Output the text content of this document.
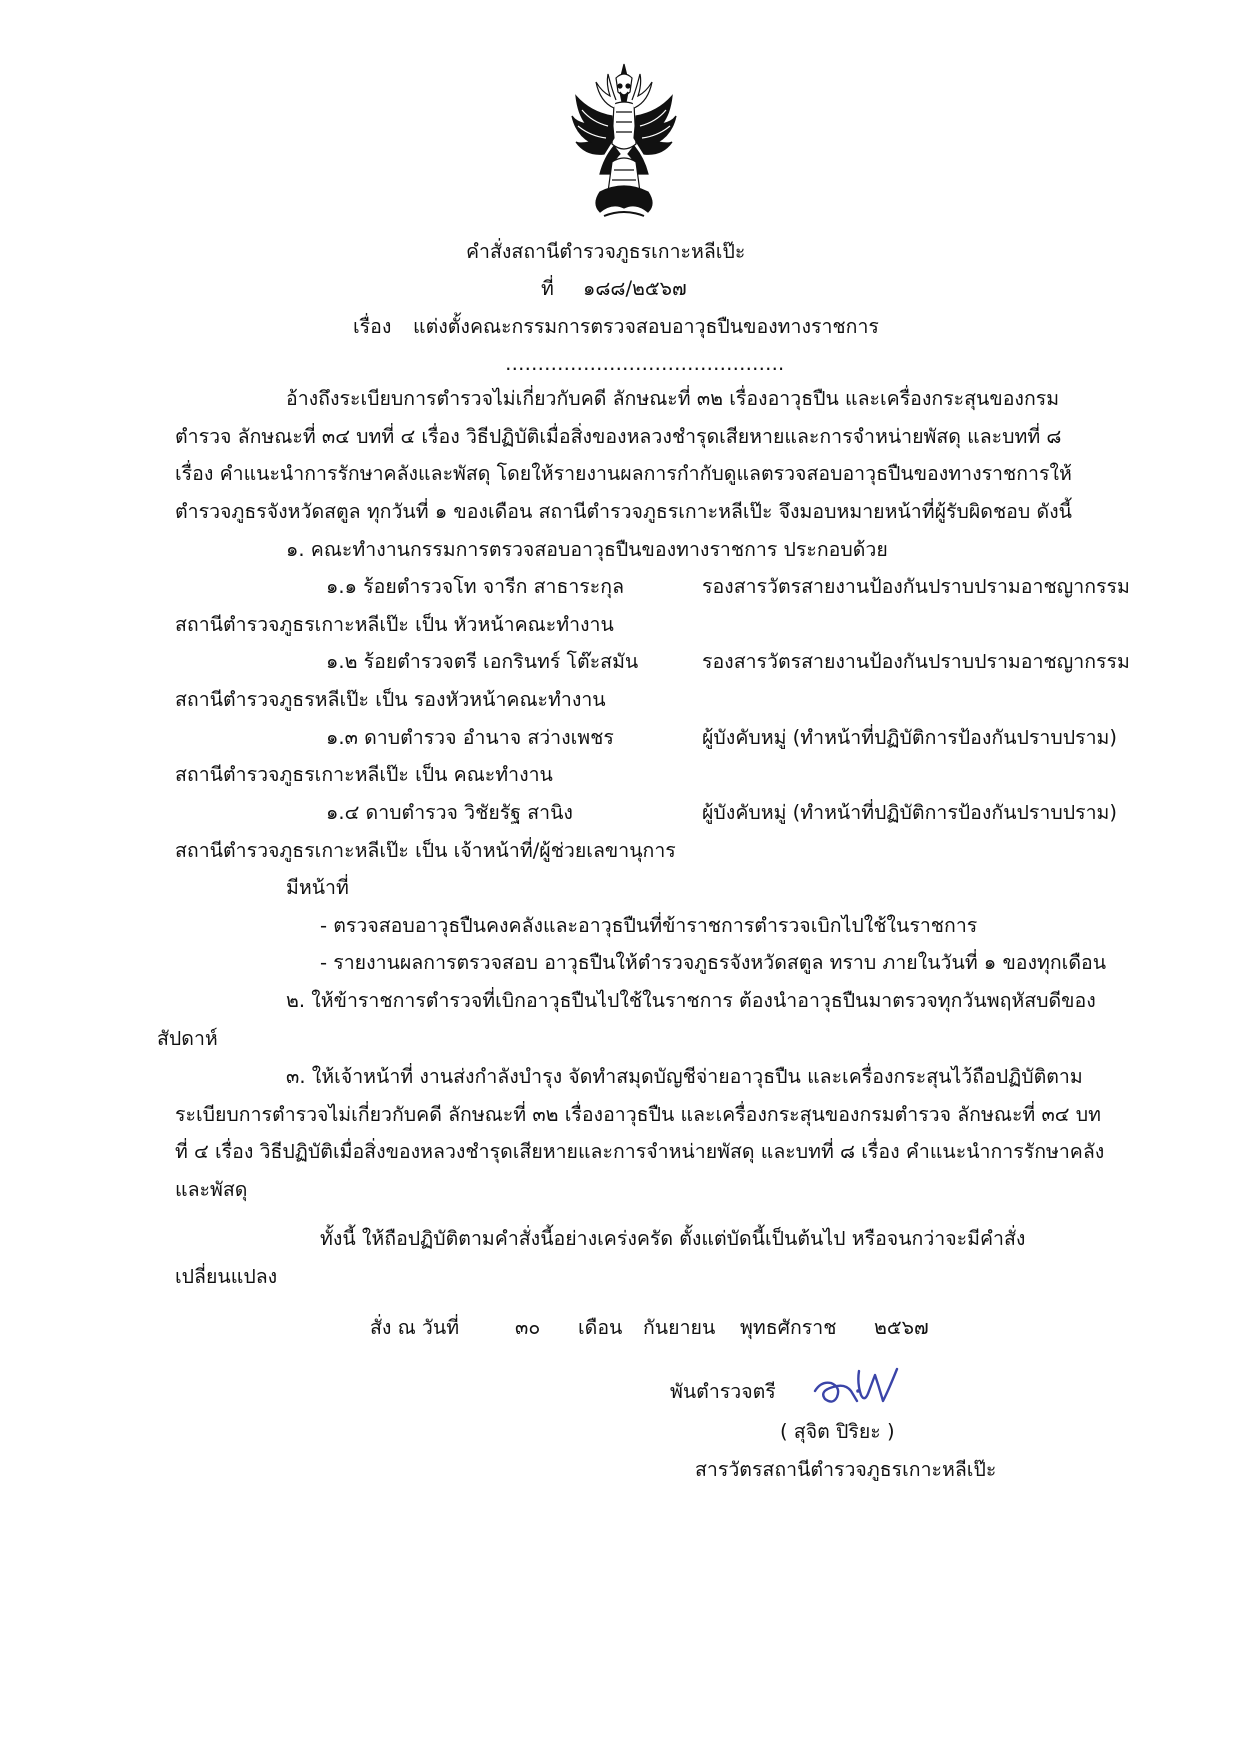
คำสั่งสถานีตำรวจภูธรเกาะหลีเป๊ะ
ที่ ๑๘๘/๒๕๖๗
เรื่อง แต่งตั้งคณะกรรมการตรวจสอบอาวุธปืนของทางราชการ
…………………………………….
อ้างถึงระเบียบการตำรวจไม่เกี่ยวกับคดี ลักษณะที่ ๓๒ เรื่องอาวุธปืน และเครื่องกระสุนของกรม
ตำรวจ ลักษณะที่ ๓๔ บทที่ ๔ เรื่อง วิธีปฏิบัติเมื่อสิ่งของหลวงชำรุดเสียหายและการจำหน่ายพัสดุ และบทที่ ๘
เรื่อง คำแนะนำการรักษาคลังและพัสดุ โดยให้รายงานผลการกำกับดูแลตรวจสอบอาวุธปืนของทางราชการให้
ตำรวจภูธรจังหวัดสตูล ทุกวันที่ ๑ ของเดือน สถานีตำรวจภูธรเกาะหลีเป๊ะ จึงมอบหมายหน้าที่ผู้รับผิดชอบ ดังนี้
๑. คณะทำงานกรรมการตรวจสอบอาวุธปืนของทางราชการ ประกอบด้วย
๑.๑ ร้อยตำรวจโท จารีก สาธาระกุล	รองสารวัตรสายงานป้องกันปราบปรามอาชญากรรม
สถานีตำรวจภูธรเกาะหลีเป๊ะ เป็น หัวหน้าคณะทำงาน
๑.๒ ร้อยตำรวจตรี เอกรินทร์ โต๊ะสมัน	รองสารวัตรสายงานป้องกันปราบปรามอาชญากรรม
สถานีตำรวจภูธรหลีเป๊ะ เป็น รองหัวหน้าคณะทำงาน
๑.๓ ดาบตำรวจ อำนาจ สว่างเพชร	ผู้บังคับหมู่ (ทำหน้าที่ปฏิบัติการป้องกันปราบปราม)
สถานีตำรวจภูธรเกาะหลีเป๊ะ เป็น คณะทำงาน
๑.๔ ดาบตำรวจ วิชัยรัฐ สานิง	ผู้บังคับหมู่ (ทำหน้าที่ปฏิบัติการป้องกันปราบปราม)
สถานีตำรวจภูธรเกาะหลีเป๊ะ เป็น เจ้าหน้าที่/ผู้ช่วยเลขานุการ
มีหน้าที่
- ตรวจสอบอาวุธปืนคงคลังและอาวุธปืนที่ข้าราชการตำรวจเบิกไปใช้ในราชการ
- รายงานผลการตรวจสอบ อาวุธปืนให้ตำรวจภูธรจังหวัดสตูล ทราบ ภายในวันที่ ๑ ของทุกเดือน
๒. ให้ข้าราชการตำรวจที่เบิกอาวุธปืนไปใช้ในราชการ ต้องนำอาวุธปืนมาตรวจทุกวันพฤหัสบดีของ
สัปดาห์
๓. ให้เจ้าหน้าที่ งานส่งกำลังบำรุง จัดทำสมุดบัญชีจ่ายอาวุธปืน และเครื่องกระสุนไว้ถือปฏิบัติตาม
ระเบียบการตำรวจไม่เกี่ยวกับคดี ลักษณะที่ ๓๒ เรื่องอาวุธปืน และเครื่องกระสุนของกรมตำรวจ ลักษณะที่ ๓๔ บท
ที่ ๔ เรื่อง วิธีปฏิบัติเมื่อสิ่งของหลวงชำรุดเสียหายและการจำหน่ายพัสดุ และบทที่ ๘ เรื่อง คำแนะนำการรักษาคลัง
และพัสดุ
ทั้งนี้ ให้ถือปฏิบัติตามคำสั่งนี้อย่างเคร่งครัด ตั้งแต่บัดนี้เป็นต้นไป หรือจนกว่าจะมีคำสั่ง
เปลี่ยนแปลง
สั่ง ณ วันที่	๓๐ เดือน กันยายน พุทธศักราช ๒๕๖๗
พันตำรวจตรี
( สุจิต ปิริยะ )
สารวัตรสถานีตำรวจภูธรเกาะหลีเป๊ะ
